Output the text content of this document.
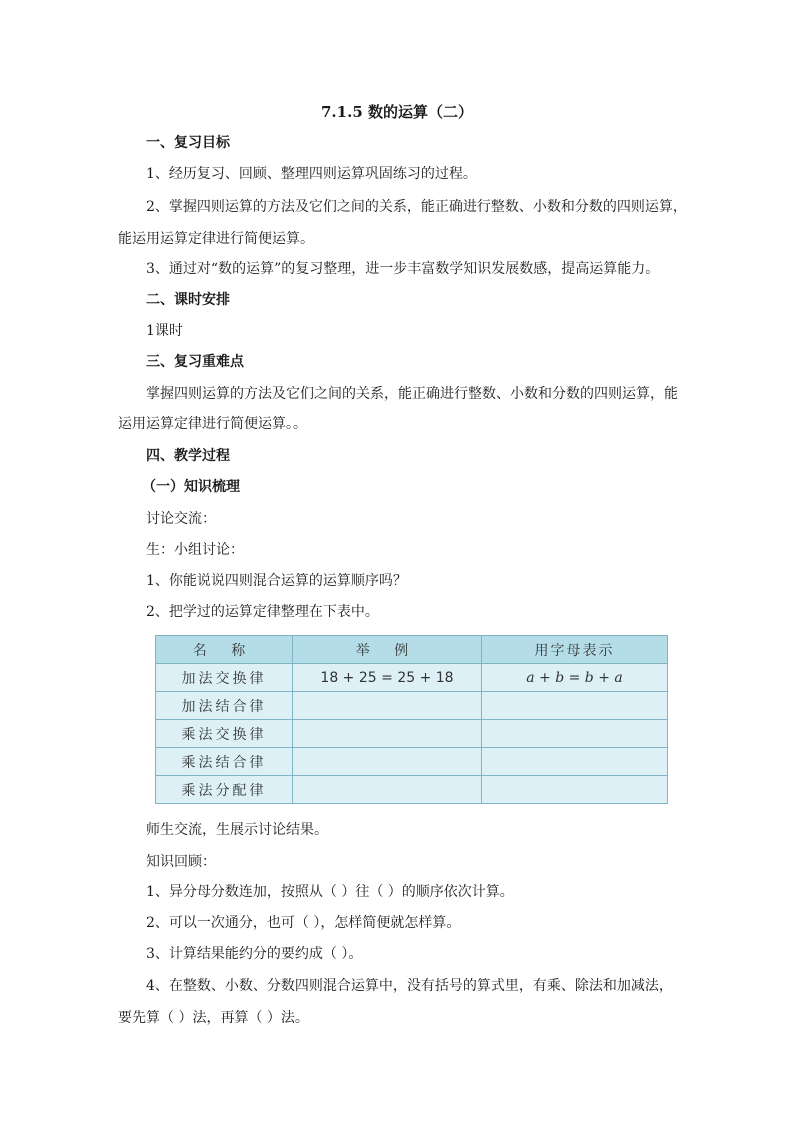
7.1.5 数的运算（二）
一、复习目标
1、经历复习、回顾、整理四则运算巩固练习的过程。
2、掌握四则运算的方法及它们之间的关系，能正确进行整数、小数和分数的四则运算，
能运用运算定律进行简便运算。
3、通过对“数的运算”的复习整理，进一步丰富数学知识发展数感，提高运算能力。
二、课时安排
1课时
三、复习重难点
掌握四则运算的方法及它们之间的关系，能正确进行整数、小数和分数的四则运算，能
运用运算定律进行简便运算。。
四、教学过程
（一）知识梳理
讨论交流：
生：小组讨论：
1、你能说说四则混合运算的运算顺序吗？
2、把学过的运算定律整理在下表中。
名 称	举 例	用字母表示
加法交换律	18 + 25 = 25 + 18	a + b = b + a
加法结合律		
乘法交换律		
乘法结合律		
乘法分配律		
师生交流，生展示讨论结果。
知识回顾：
1、异分母分数连加，按照从（ ）往（ ）的顺序依次计算。
2、可以一次通分，也可（ ），怎样简便就怎样算。
3、计算结果能约分的要约成（ ）。
4、在整数、小数、分数四则混合运算中，没有括号的算式里，有乘、除法和加减法，
要先算（ ）法，再算（ ）法。
